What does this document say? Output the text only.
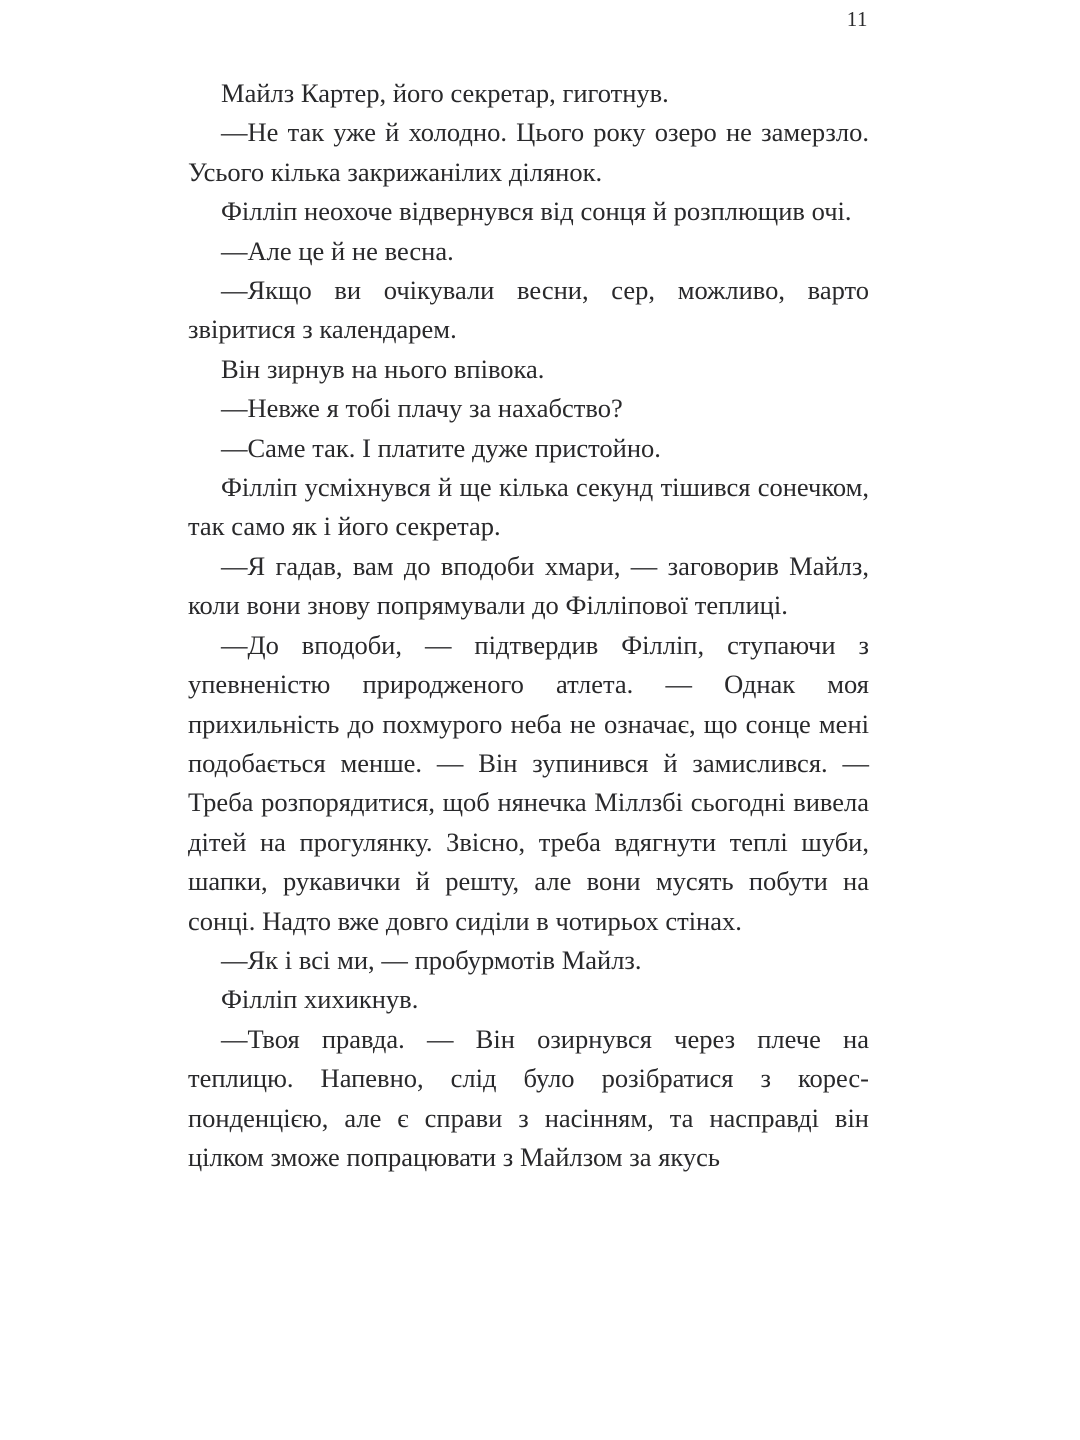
11

Майлз Картер, його секретар, гиготнув.

—Не так уже й холодно. Цього року озеро не замерзло. Усього кілька закрижанілих ділянок.

Філліп неохоче відвернувся від сонця й розплющив очі.

—Але це й не весна.

—Якщо ви очікували весни, сер, можливо, варто звіритися з календарем.

Він зирнув на нього впівока.

—Невже я тобі плачу за нахабство?

—Саме так. І платите дуже пристойно.

Філліп усміхнувся й ще кілька секунд тішився сонечком, так само як і його секретар.

—Я гадав, вам до вподоби хмари, — заговорив Майлз, коли вони знову попрямували до Філліпової теплиці.

—До вподоби, — підтвердив Філліп, ступаючи з упевненістю природженого атлета. — Однак моя прихильність до похмурого неба не означає, що сонце мені подобається менше. — Він зупинився й замислився. — Треба розпорядитися, щоб нянечка Міллзбі сьогодні вивела дітей на прогулянку. Звісно, треба вдягнути теплі шуби, шапки, рукавички й решту, але вони мусять побути на сонці. Надто вже довго сиділи в чотирьох стінах.

—Як і всі ми, — пробурмотів Майлз.

Філліп хихикнув.

—Твоя правда. — Він озирнувся через плече на теплицю. Напевно, слід було розібратися з кореспонденцією, але є справи з насінням, та насправді він цілком зможе попрацювати з Майлзом за якусь
